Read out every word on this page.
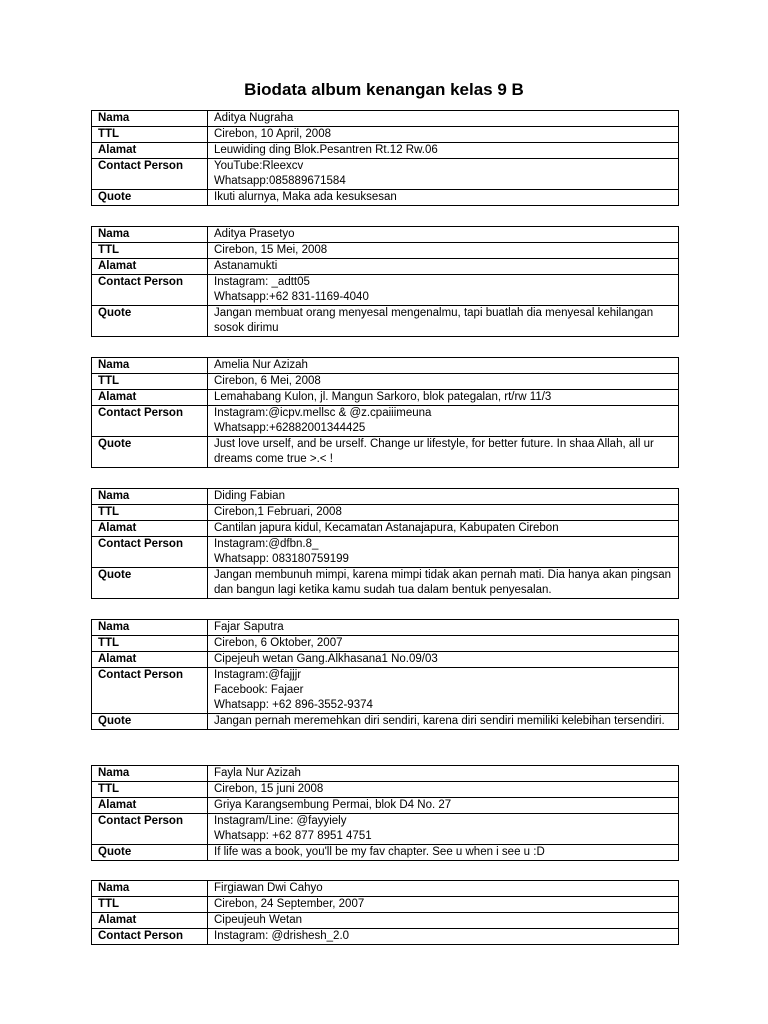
Biodata album kenangan kelas 9 B
Nama	Aditya Nugraha

TTL	Cirebon, 10 April, 2008

Alamat	Leuwiding ding Blok.Pesantren Rt.12 Rw.06

Contact Person	YouTube:Rleexcv
Whatsapp:085889671584

Quote	Ikuti alurnya, Maka ada kesuksesan
Nama	Aditya Prasetyo

TTL	Cirebon, 15 Mei, 2008

Alamat	Astanamukti

Contact Person	Instagram: _adtt05
Whatsapp:+62 831-1169-4040

Quote	Jangan membuat orang menyesal mengenalmu, tapi buatlah dia menyesal kehilangan sosok dirimu
Nama	Amelia Nur Azizah

TTL	Cirebon, 6 Mei, 2008

Alamat	Lemahabang Kulon, jl. Mangun Sarkoro, blok pategalan, rt/rw 11/3

Contact Person	Instagram:@icpv.mellsc & @z.cpaiiimeuna
Whatsapp:+62882001344425

Quote	Just love urself, and be urself. Change ur lifestyle, for better future. In shaa Allah, all ur dreams come true >.< !
Nama	Diding Fabian

TTL	Cirebon,1 Februari, 2008

Alamat	Cantilan japura kidul, Kecamatan Astanajapura, Kabupaten Cirebon

Contact Person	Instagram:@dfbn.8_
Whatsapp: 083180759199

Quote	Jangan membunuh mimpi, karena mimpi tidak akan pernah mati. Dia hanya akan pingsan dan bangun lagi ketika kamu sudah tua dalam bentuk penyesalan.
Nama	Fajar Saputra

TTL	Cirebon, 6 Oktober, 2007

Alamat	Cipejeuh wetan Gang.Alkhasana1 No.09/03

Contact Person	Instagram:@fajjjr
Facebook: Fajaer
Whatsapp: +62 896-3552-9374

Quote	Jangan pernah meremehkan diri sendiri, karena diri sendiri memiliki kelebihan tersendiri.
Nama	Fayla Nur Azizah

TTL	Cirebon, 15 juni 2008

Alamat	Griya Karangsembung Permai, blok D4 No. 27

Contact Person	Instagram/Line: @fayyiely
Whatsapp: +62 877 8951 4751

Quote	If life was a book, you'll be my fav chapter. See u when i see u :D
Nama	Firgiawan Dwi Cahyo

TTL	Cirebon, 24 September, 2007

Alamat	Cipeujeuh Wetan

Contact Person	Instagram: @drishesh_2.0
